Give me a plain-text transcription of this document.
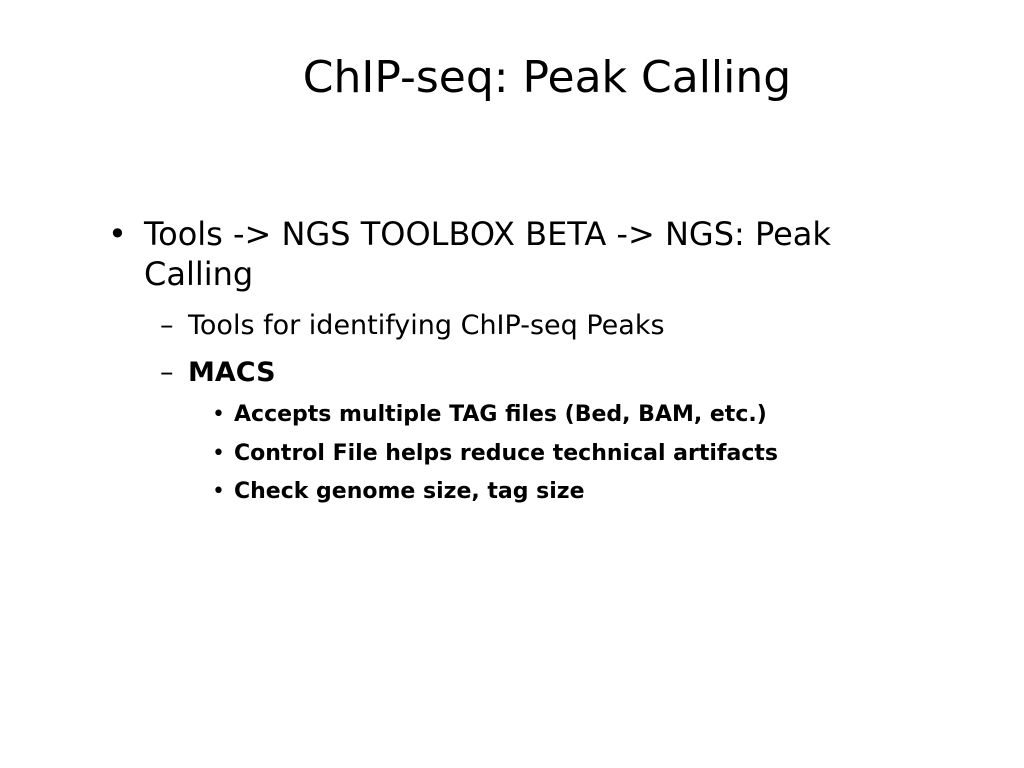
ChIP-seq: Peak Calling
• Tools -> NGS TOOLBOX BETA -> NGS: Peak Calling
– Tools for identifying ChIP-seq Peaks
– MACS
• Accepts multiple TAG files (Bed, BAM, etc.)
• Control File helps reduce technical artifacts
• Check genome size, tag size
